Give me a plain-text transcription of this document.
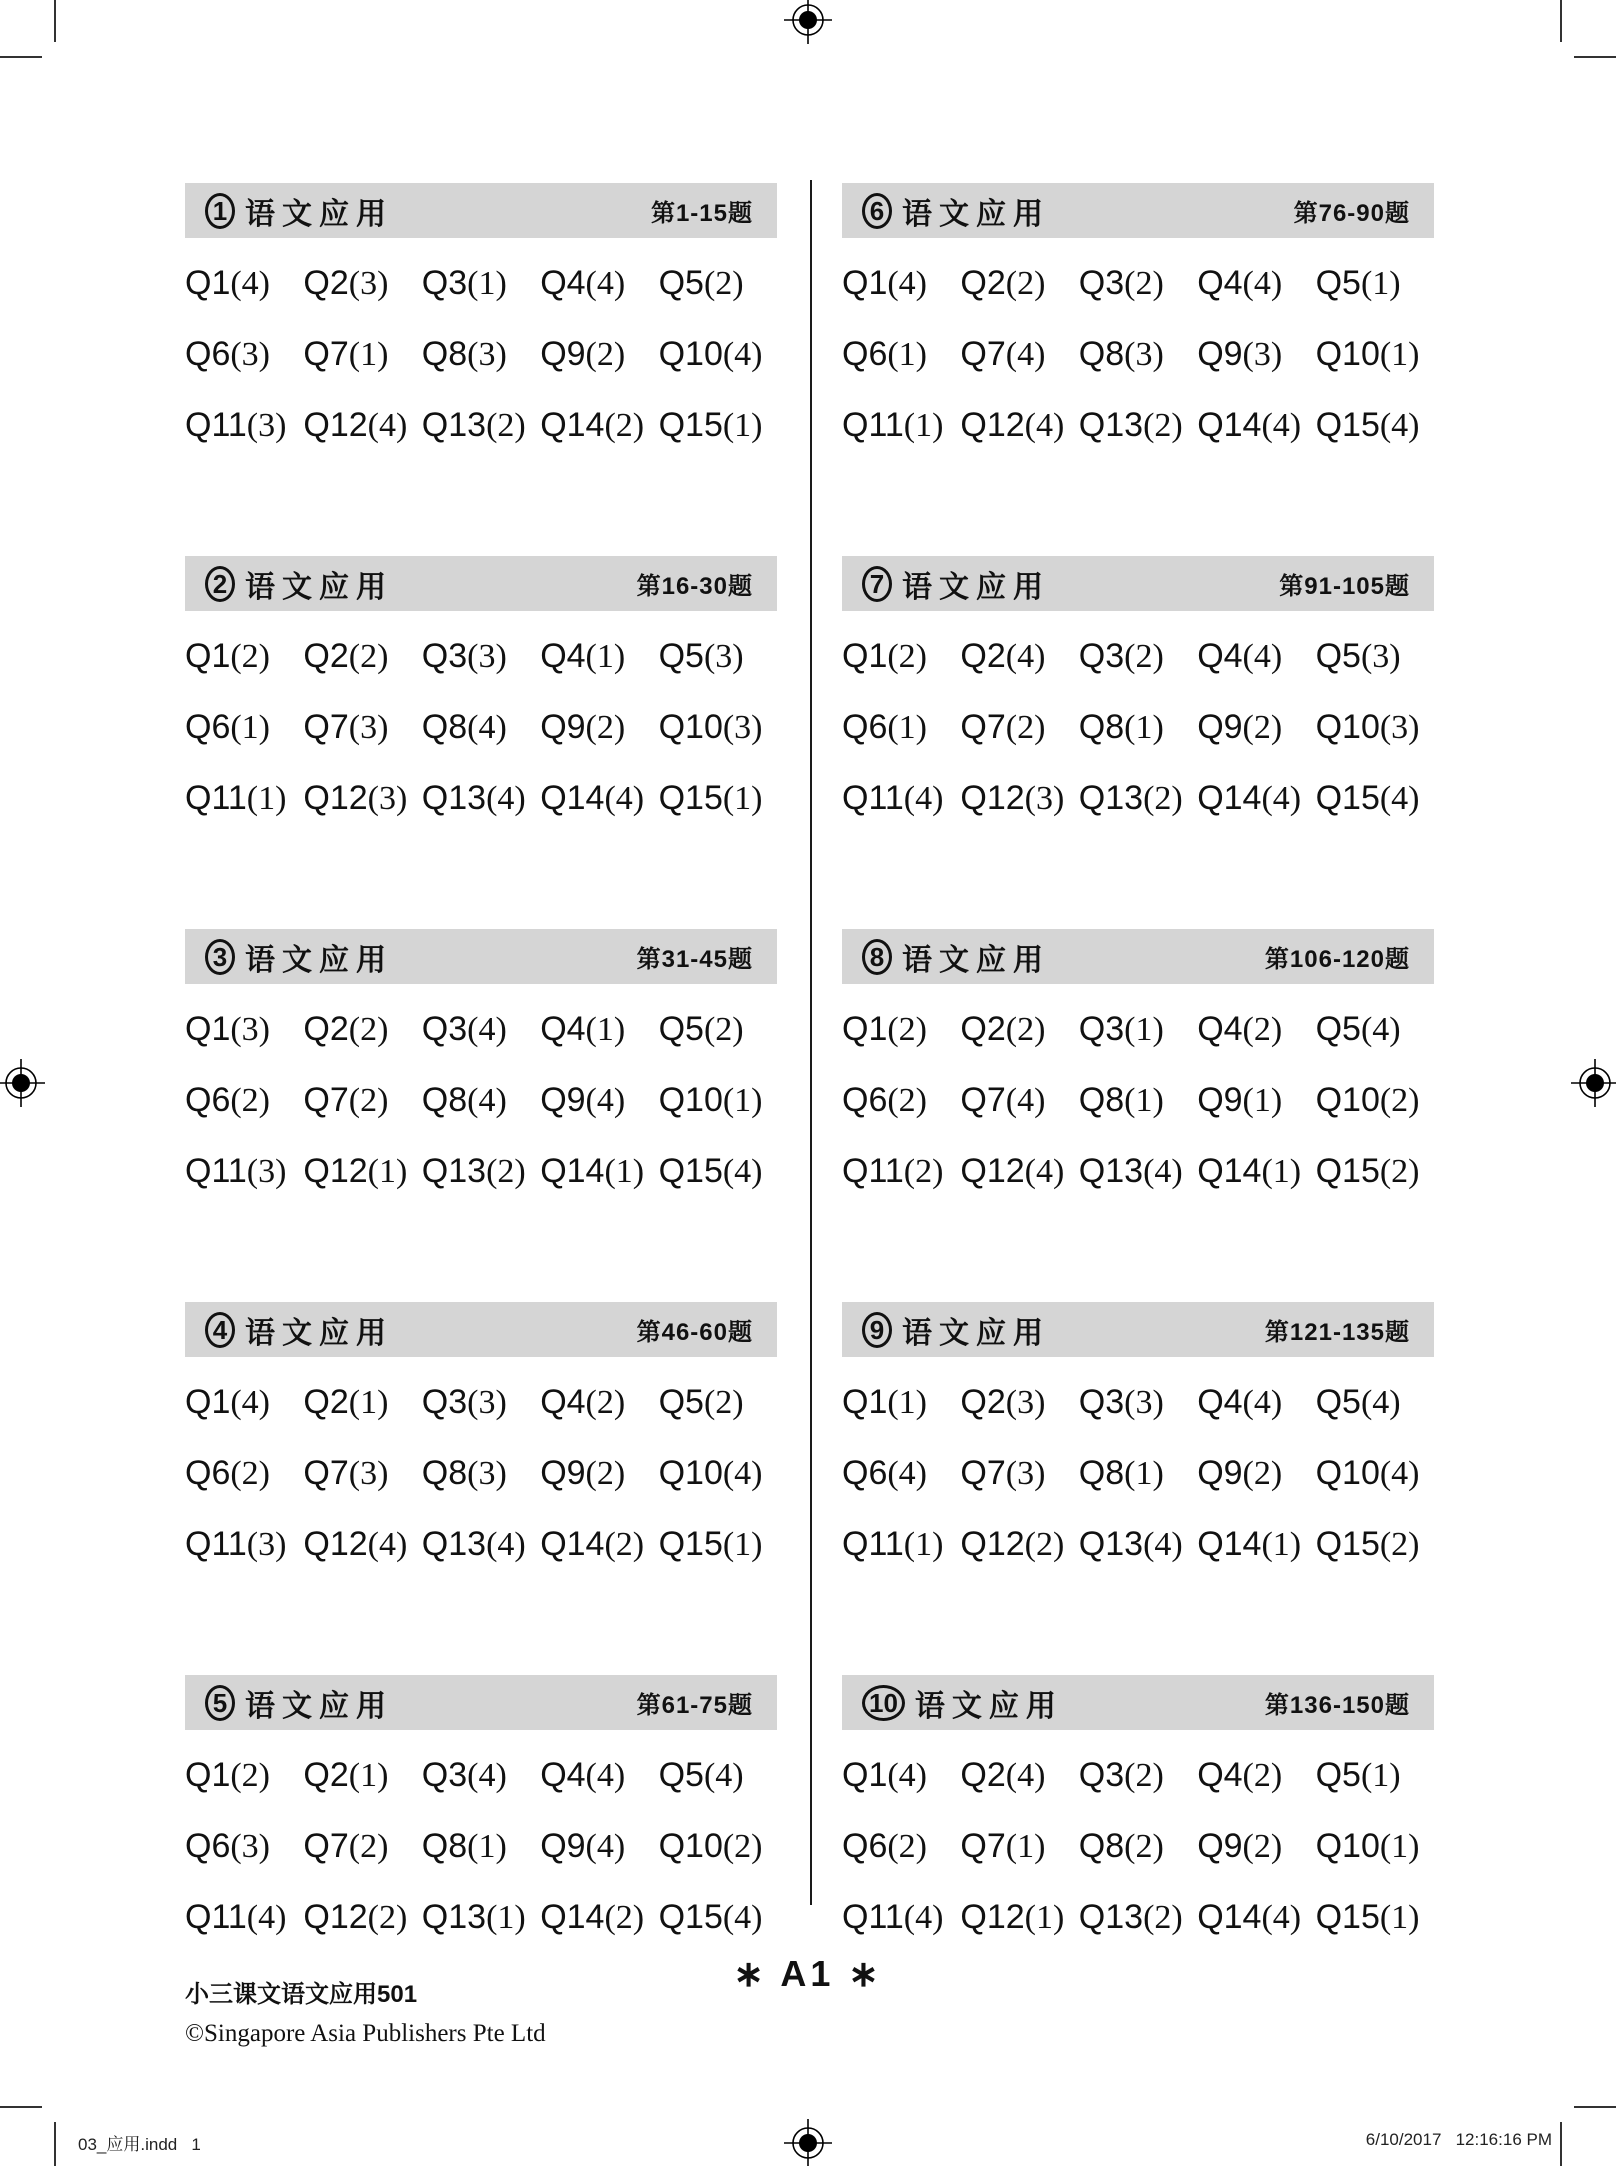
1 语文应用	第1-15题
Q1(4) Q2(3) Q3(1) Q4(4) Q5(2)
Q6(3) Q7(1) Q8(3) Q9(2) Q10(4)
Q11(3) Q12(4) Q13(2) Q14(2) Q15(1)
2 语文应用	第16-30题
Q1(2) Q2(2) Q3(3) Q4(1) Q5(3)
Q6(1) Q7(3) Q8(4) Q9(2) Q10(3)
Q11(1) Q12(3) Q13(4) Q14(4) Q15(1)
3 语文应用	第31-45题
Q1(3) Q2(2) Q3(4) Q4(1) Q5(2)
Q6(2) Q7(2) Q8(4) Q9(4) Q10(1)
Q11(3) Q12(1) Q13(2) Q14(1) Q15(4)
4 语文应用	第46-60题
Q1(4) Q2(1) Q3(3) Q4(2) Q5(2)
Q6(2) Q7(3) Q8(3) Q9(2) Q10(4)
Q11(3) Q12(4) Q13(4) Q14(2) Q15(1)
5 语文应用	第61-75题
Q1(2) Q2(1) Q3(4) Q4(4) Q5(4)
Q6(3) Q7(2) Q8(1) Q9(4) Q10(2)
Q11(4) Q12(2) Q13(1) Q14(2) Q15(4)
6 语文应用	第76-90题
Q1(4) Q2(2) Q3(2) Q4(4) Q5(1)
Q6(1) Q7(4) Q8(3) Q9(3) Q10(1)
Q11(1) Q12(4) Q13(2) Q14(4) Q15(4)
7 语文应用	第91-105题
Q1(2) Q2(4) Q3(2) Q4(4) Q5(3)
Q6(1) Q7(2) Q8(1) Q9(2) Q10(3)
Q11(4) Q12(3) Q13(2) Q14(4) Q15(4)
8 语文应用	第106-120题
Q1(2) Q2(2) Q3(1) Q4(2) Q5(4)
Q6(2) Q7(4) Q8(1) Q9(1) Q10(2)
Q11(2) Q12(4) Q13(4) Q14(1) Q15(2)
9 语文应用	第121-135题
Q1(1) Q2(3) Q3(3) Q4(4) Q5(4)
Q6(4) Q7(3) Q8(1) Q9(2) Q10(4)
Q11(1) Q12(2) Q13(4) Q14(1) Q15(2)
10 语文应用	第136-150题
Q1(4) Q2(4) Q3(2) Q4(2) Q5(1)
Q6(2) Q7(1) Q8(2) Q9(2) Q10(1)
Q11(4) Q12(1) Q13(2) Q14(4) Q15(1)
小三课文语文应用501
©Singapore Asia Publishers Pte Ltd
∗ A1 ∗
03_应用.indd   1	6/10/2017   12:16:16 PM
